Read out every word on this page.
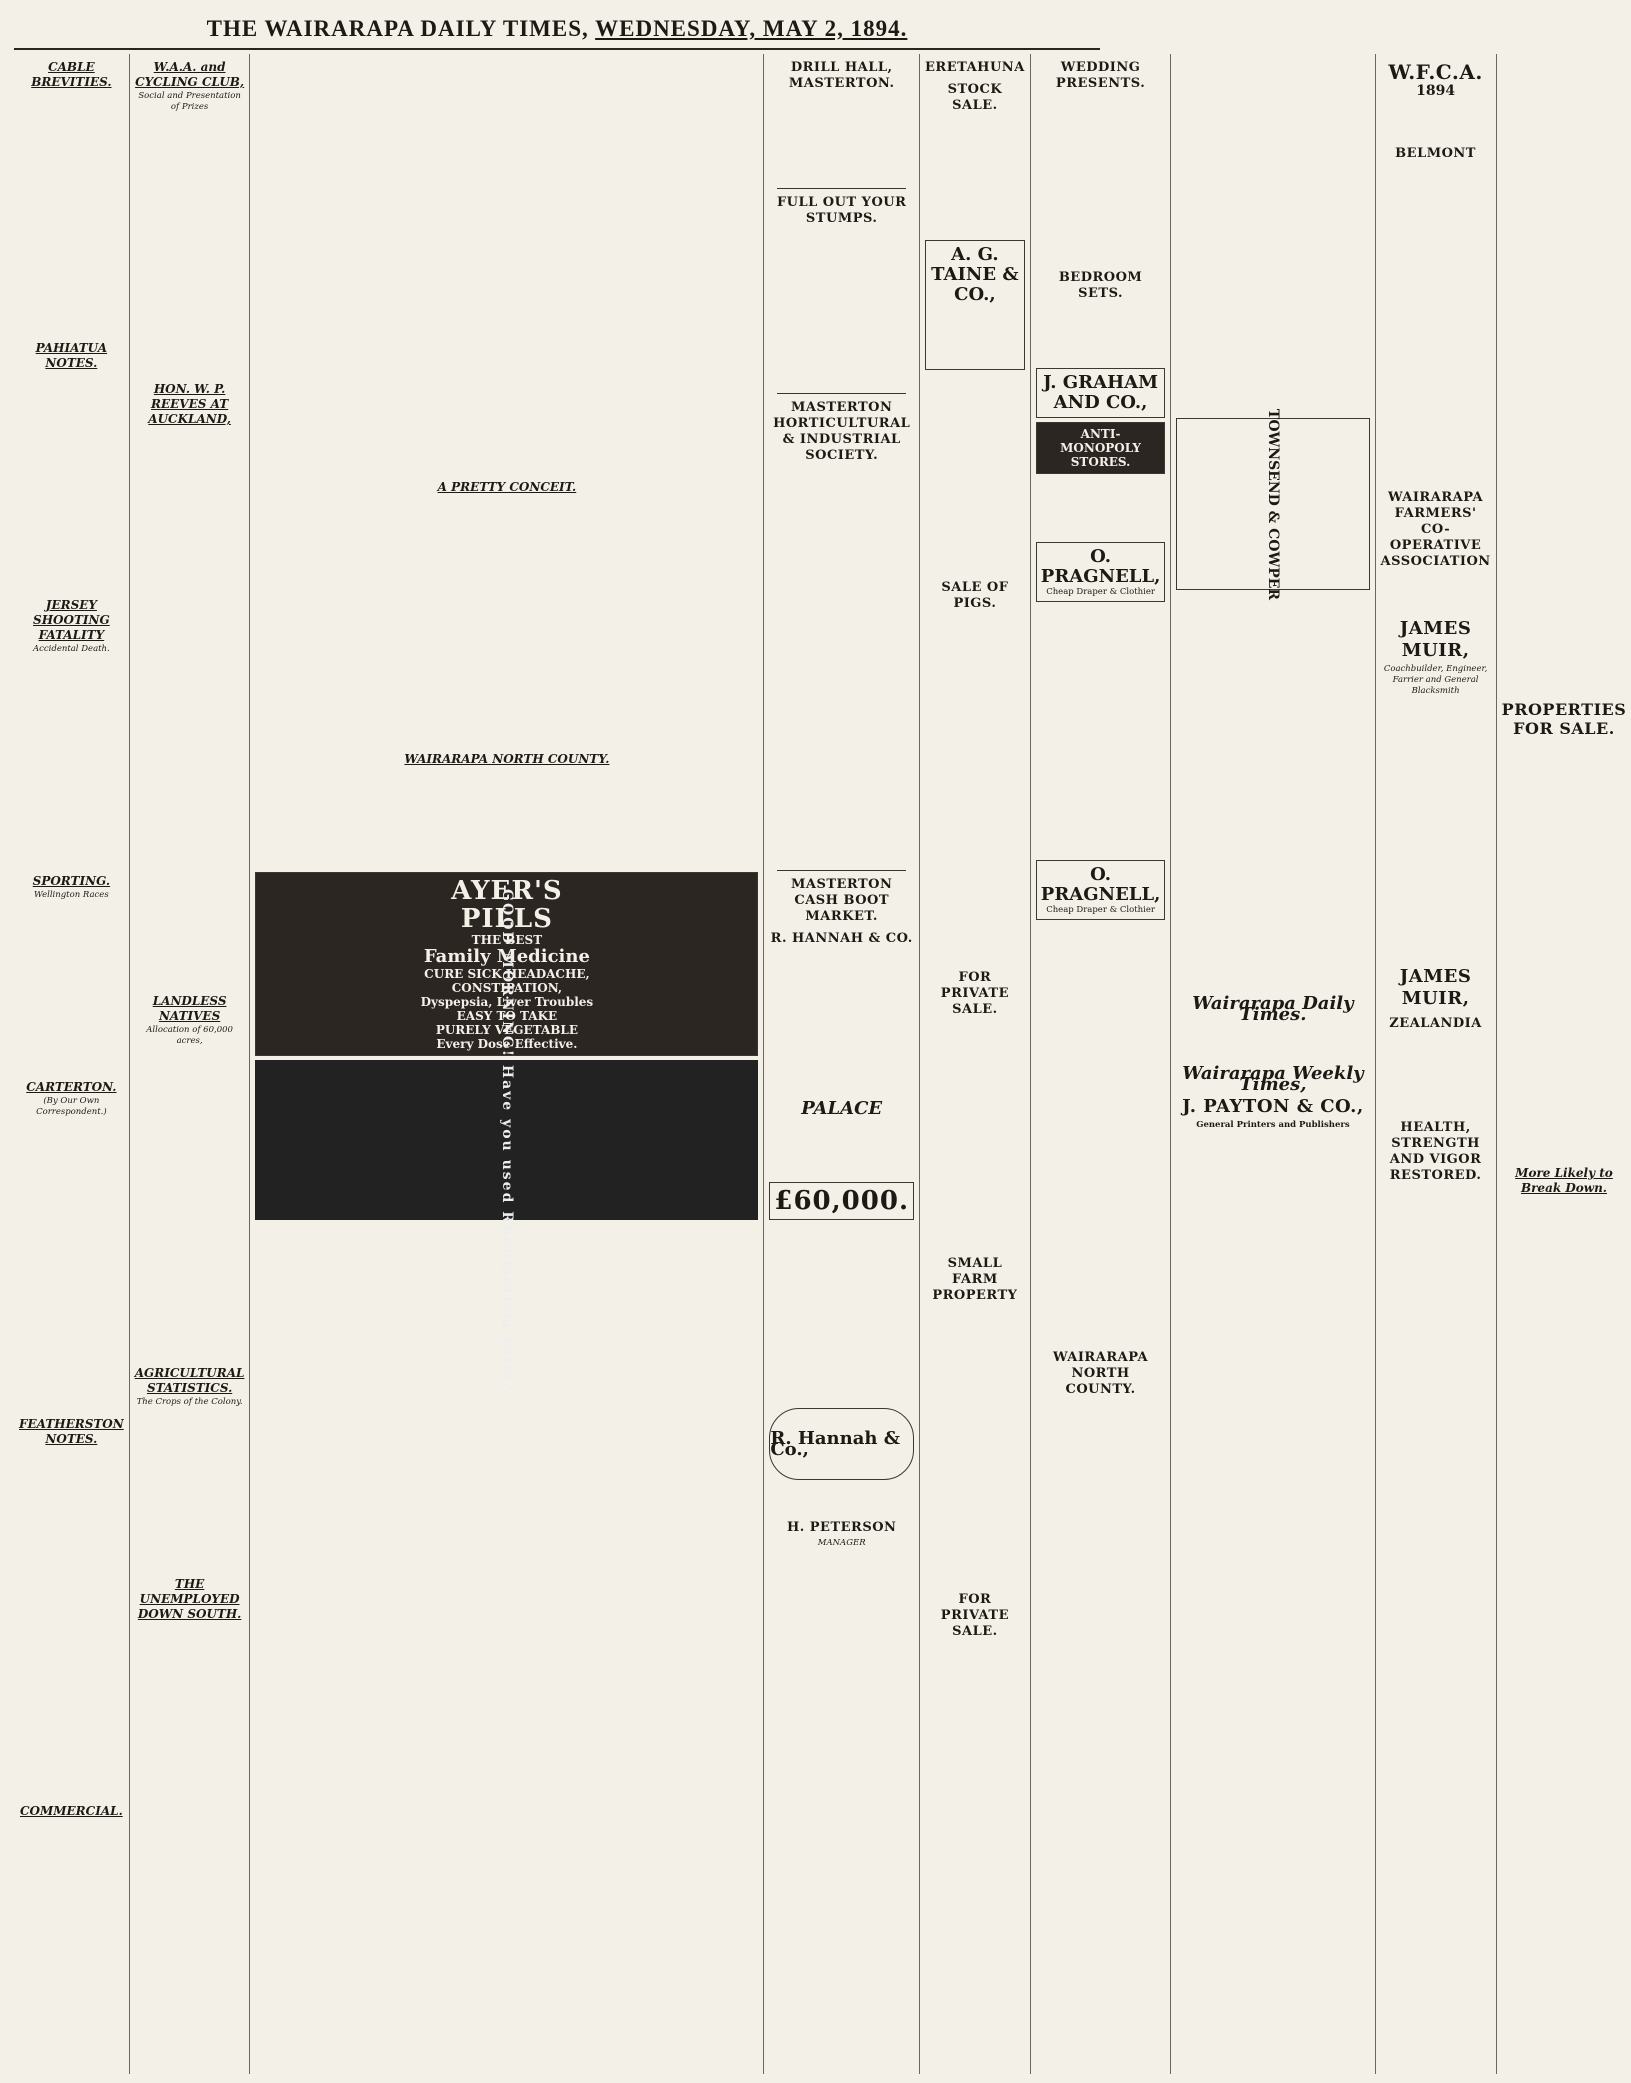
THE WAIRARAPA DAILY TIMES, WEDNESDAY, MAY 2, 1894.
CABLE BREVITIES.

PAHIATUA NOTES.
JERSEY SHOOTING FATALITY
Accidental Death.
SPORTING.
Wellington Races
CARTERTON.
(By Our Own Correspondent.)
FEATHERSTON NOTES.
COMMERCIAL.
W.A.A. and CYCLING CLUB,
Social and Presentation of Prizes
HON. W. P. REEVES AT AUCKLAND,
LANDLESS NATIVES
Allocation of 60,000 acres,
AGRICULTURAL STATISTICS.
The Crops of the Colony.
THE UNEMPLOYED DOWN SOUTH.
A PRETTY CONCEIT.
WAIRARAPA NORTH COUNTY.
AYER'S
PILLS
THE BEST
Family Medicine
CURE SICK HEADACHE,
CONSTIPATION,
Dyspepsia, Liver Troubles
EASY TO TAKE
PURELY VEGETABLE
Every Dose Effective.
GOOD MORNING! Have you used Rheumatism Pills?
DRILL HALL, MASTERTON.
FULL OUT YOUR STUMPS.
MASTERTON HORTICULTURAL & INDUSTRIAL SOCIETY.
MASTERTON CASH BOOT MARKET.
R. HANNAH & CO.
PALACE
£60,000.
R. Hannah & Co.,
H. PETERSON
MANAGER
ERETAHUNA
STOCK SALE.
A. G. TAINE & CO.,
SALE OF PIGS.
FOR PRIVATE SALE.
SMALL FARM PROPERTY
FOR PRIVATE SALE.
WEDDING PRESENTS.
BEDROOM SETS.
J. GRAHAM AND CO.,
ANTI-MONOPOLY STORES.
O. PRAGNELL,
Cheap Draper & Clothier
O. PRAGNELL,
Cheap Draper & Clothier
WAIRARAPA NORTH COUNTY.
TOWNSEND & COWPER
Wairarapa Daily Times.
Wairarapa Weekly Times,
J. PAYTON & CO.,
General Printers and Publishers
W.F.C.A.
1894
BELMONT
WAIRARAPA FARMERS' CO-OPERATIVE ASSOCIATION
JAMES MUIR,
Coachbuilder, Engineer, Farrier and General Blacksmith
JAMES MUIR,
ZEALANDIA
HEALTH, STRENGTH AND VIGOR RESTORED.
PROPERTIES FOR SALE.
More Likely to Break Down.
